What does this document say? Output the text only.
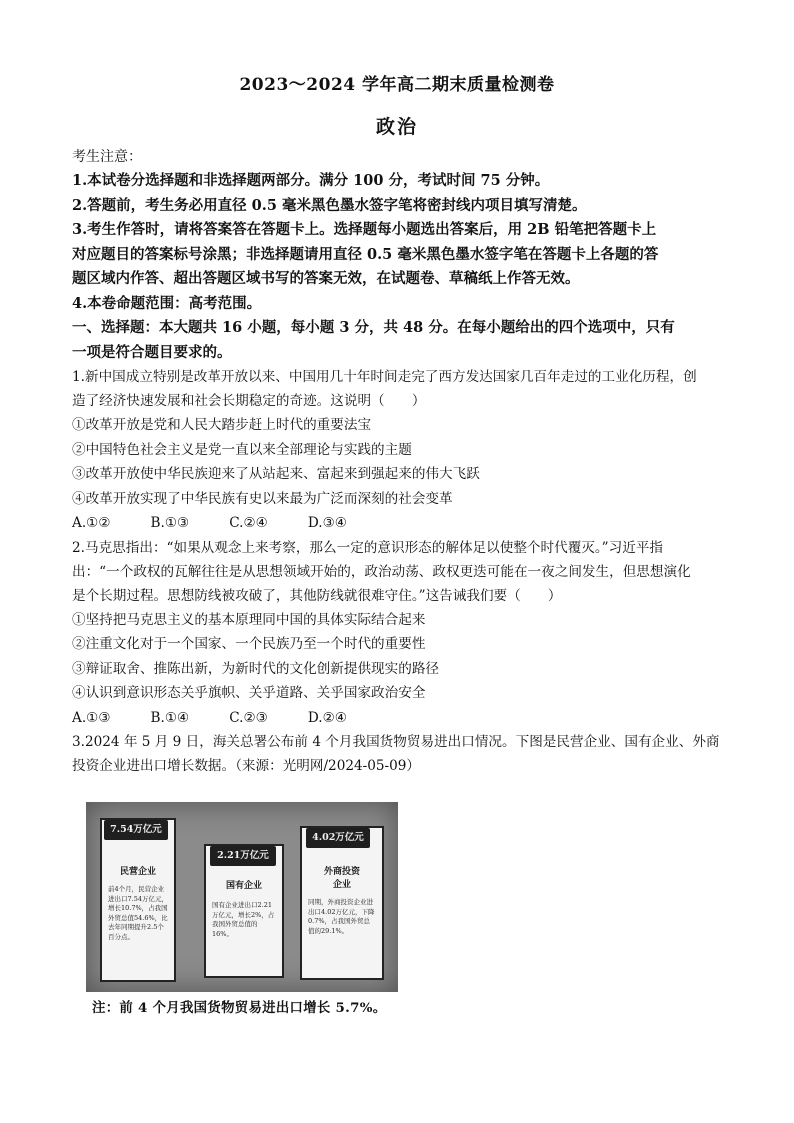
2023～2024 学年高二期末质量检测卷
政治
考生注意：
1.本试卷分选择题和非选择题两部分。满分 100 分，考试时间 75 分钟。
2.答题前，考生务必用直径 0.5 毫米黑色墨水签字笔将密封线内项目填写清楚。
3.考生作答时，请将答案答在答题卡上。选择题每小题选出答案后，用 2B 铅笔把答题卡上
对应题目的答案标号涂黑；非选择题请用直径 0.5 毫米黑色墨水签字笔在答题卡上各题的答
题区域内作答、超出答题区域书写的答案无效，在试题卷、草稿纸上作答无效。
4.本卷命题范围：高考范围。
一、选择题：本大题共 16 小题，每小题 3 分，共 48 分。在每小题给出的四个选项中，只有
一项是符合题目要求的。
1.新中国成立特别是改革开放以来、中国用几十年时间走完了西方发达国家几百年走过的工业化历程，创
造了经济快速发展和社会长期稳定的奇迹。这说明（　　）
①改革开放是党和人民大踏步赶上时代的重要法宝
②中国特色社会主义是党一直以来全部理论与实践的主题
③改革开放使中华民族迎来了从站起来、富起来到强起来的伟大飞跃
④改革开放实现了中华民族有史以来最为广泛而深刻的社会变革
A.①②	B.①③	C.②④	D.③④
2.马克思指出：“如果从观念上来考察，那么一定的意识形态的解体足以使整个时代覆灭。”习近平指
出：“一个政权的瓦解往往是从思想领域开始的，政治动荡、政权更迭可能在一夜之间发生，但思想演化
是个长期过程。思想防线被攻破了，其他防线就很难守住。”这告诫我们要（　　）
①坚持把马克思主义的基本原理同中国的具体实际结合起来
②注重文化对于一个国家、一个民族乃至一个时代的重要性
③辩证取舍、推陈出新，为新时代的文化创新提供现实的路径
④认识到意识形态关乎旗帜、关乎道路、关乎国家政治安全
A.①③	B.①④	C.②③	D.②④
3.2024 年 5 月 9 日，海关总署公布前 4 个月我国货物贸易进出口情况。下图是民营企业、国有企业、外商
投资企业进出口增长数据。（来源：光明网/2024-05-09）
7.54万亿元
民营企业
前4个月，民营企业进出口7.54万亿元，增长10.7%，占我国外贸总值54.6%，比去年同期提升2.5个百分点。
2.21万亿元
国有企业
国有企业进出口2.21万亿元，增长2%，占我国外贸总值的16%。
4.02万亿元
外商投资
企业
同期，外商投资企业进出口4.02万亿元，下降0.7%，占我国外贸总值的29.1%。
注：前 4 个月我国货物贸易进出口增长 5.7%。
